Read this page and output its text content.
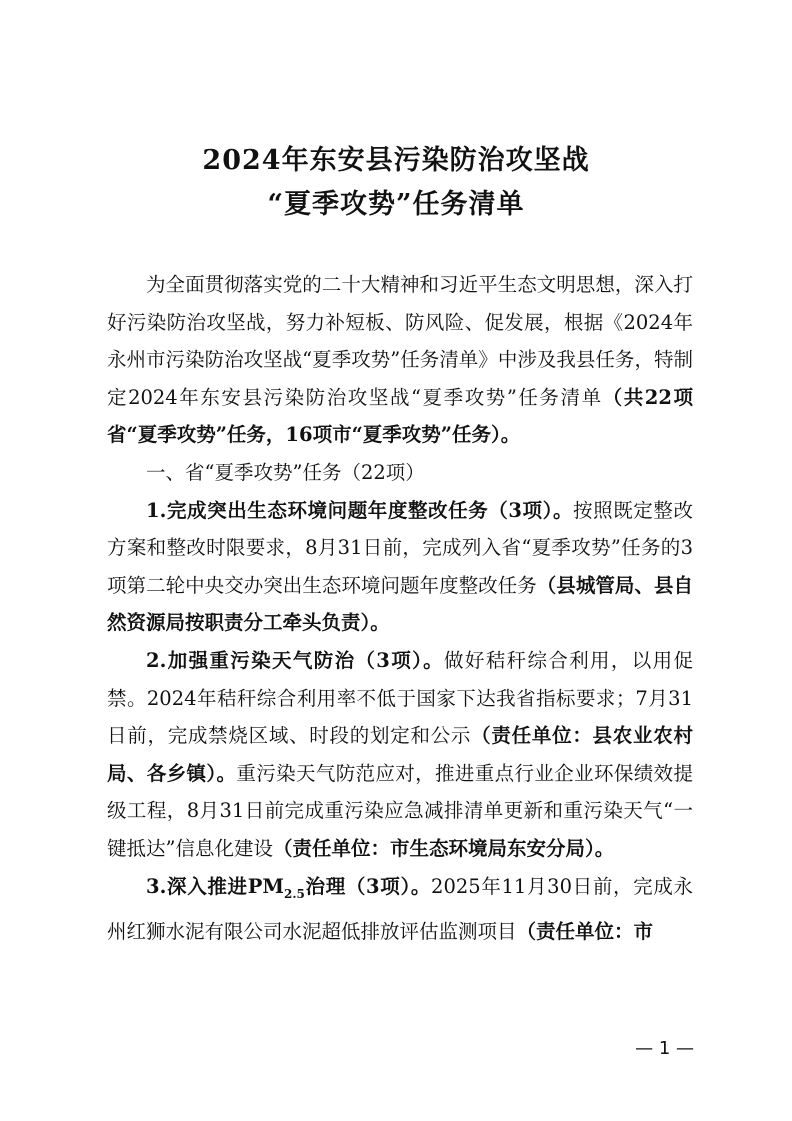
2024年东安县污染防治攻坚战
“夏季攻势”任务清单

为全面贯彻落实党的二十大精神和习近平生态文明思想，深入打好污染防治攻坚战，努力补短板、防风险、促发展，根据《2024年永州市污染防治攻坚战“夏季攻势”任务清单》中涉及我县任务，特制定2024年东安县污染防治攻坚战“夏季攻势”任务清单（共22项省“夏季攻势”任务，16项市“夏季攻势”任务）。

一、省“夏季攻势”任务（22项）

1.完成突出生态环境问题年度整改任务（3项）。按照既定整改方案和整改时限要求，8月31日前，完成列入省“夏季攻势”任务的3项第二轮中央交办突出生态环境问题年度整改任务（县城管局、县自然资源局按职责分工牵头负责）。

2.加强重污染天气防治（3项）。做好秸秆综合利用，以用促禁。2024年秸秆综合利用率不低于国家下达我省指标要求；7月31日前，完成禁烧区域、时段的划定和公示（责任单位：县农业农村局、各乡镇）。重污染天气防范应对，推进重点行业企业环保绩效提级工程，8月31日前完成重污染应急减排清单更新和重污染天气“一键抵达”信息化建设（责任单位：市生态环境局东安分局）。

3.深入推进$PM_{2.5}$治理（3项）。2025年11月30日前，完成永州红狮水泥有限公司水泥超低排放评估监测项目（责任单位：市

— 1 —
